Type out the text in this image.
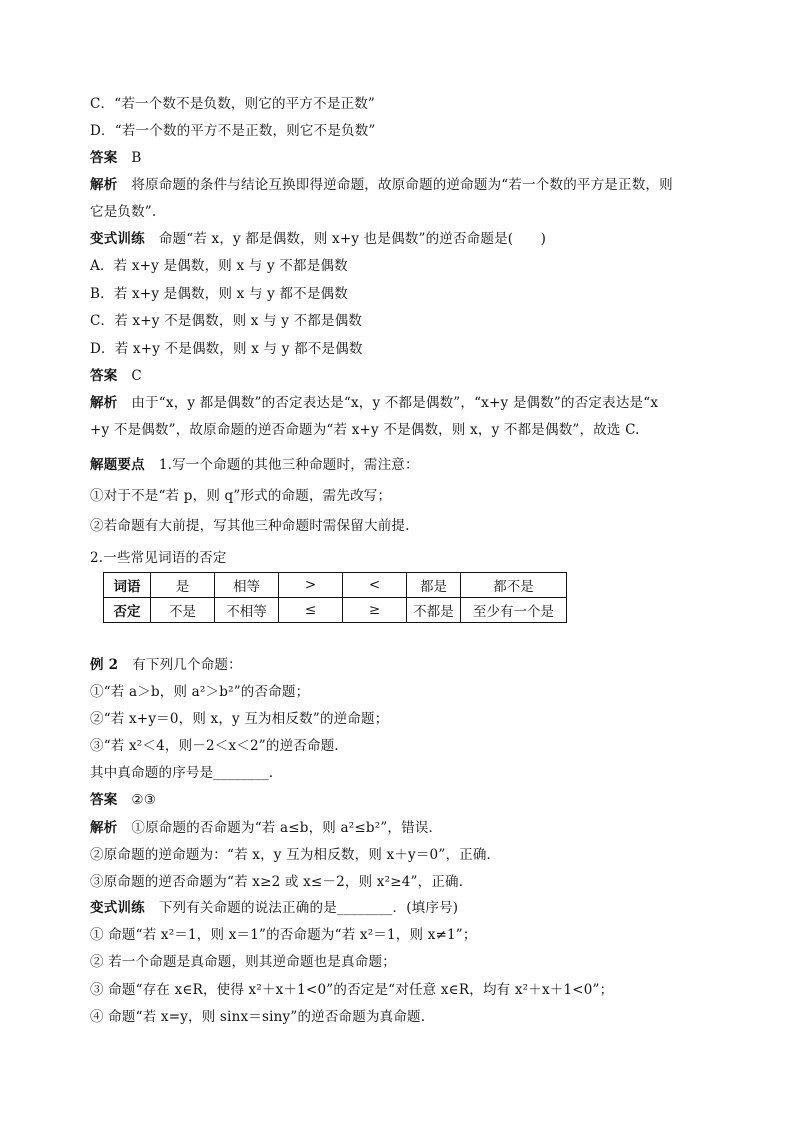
C．“若一个数不是负数，则它的平方不是正数”
D．“若一个数的平方不是正数，则它不是负数”
答案 B
解析 将原命题的条件与结论互换即得逆命题，故原命题的逆命题为“若一个数的平方是正数，则
它是负数”.
变式训练 命题“若 x，y 都是偶数，则 x+y 也是偶数”的逆否命题是(　　)
A．若 x+y 是偶数，则 x 与 y 不都是偶数
B．若 x+y 是偶数，则 x 与 y 都不是偶数
C．若 x+y 不是偶数，则 x 与 y 不都是偶数
D．若 x+y 不是偶数，则 x 与 y 都不是偶数
答案 C
解析 由于“x，y 都是偶数”的否定表达是“x，y 不都是偶数”，“x+y 是偶数”的否定表达是“x
+y 不是偶数”，故原命题的逆否命题为“若 x+y 不是偶数，则 x，y 不都是偶数”，故选 C.
解题要点 1.写一个命题的其他三种命题时，需注意：
①对于不是“若 p，则 q”形式的命题，需先改写；
②若命题有大前提，写其他三种命题时需保留大前提.
2.一些常见词语的否定
词语	是	相等	>	<	都是	都不是
否定	不是	不相等	≤	≥	不都是	至少有一个是
例 2 有下列几个命题：
①“若 a＞b，则 a²＞b²”的否命题；
②“若 x+y＝0，则 x，y 互为相反数”的逆命题；
③“若 x²＜4，则－2＜x＜2”的逆否命题．
其中真命题的序号是________．
答案 ②③
解析 ①原命题的否命题为“若 a≤b，则 a²≤b²”，错误．
②原命题的逆命题为：“若 x，y 互为相反数，则 x＋y＝0”，正确．
③原命题的逆否命题为“若 x≥2 或 x≤－2，则 x²≥4”，正确．
变式训练 下列有关命题的说法正确的是________．(填序号)
① 命题“若 x²＝1，则 x＝1”的否命题为“若 x²＝1，则 x≠1”；
② 若一个命题是真命题，则其逆命题也是真命题；
③ 命题“存在 x∈R，使得 x²＋x＋1<0”的否定是“对任意 x∈R，均有 x²＋x＋1<0”；
④ 命题“若 x=y，则 sinx＝siny”的逆否命题为真命题.
